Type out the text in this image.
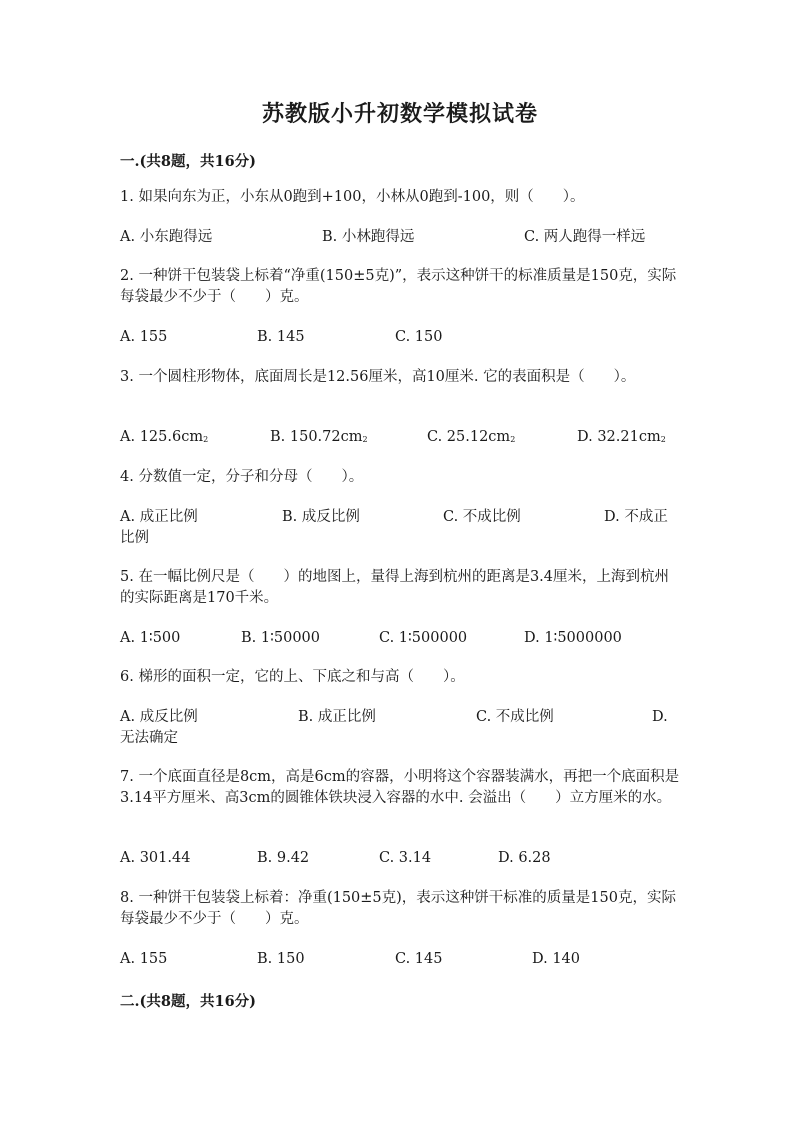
苏教版小升初数学模拟试卷
一.(共8题，共16分)
1. 如果向东为正，小东从0跑到+100，小林从0跑到-100，则（　　）。
A. 小东跑得远	B. 小林跑得远	C. 两人跑得一样远
2. 一种饼干包装袋上标着“净重(150±5克)”，表示这种饼干的标准质量是150克，实际每袋最少不少于（　　）克。
A. 155	B. 145	C. 150
3. 一个圆柱形物体，底面周长是12.56厘米，高10厘米. 它的表面积是（　　）。
A. $125.6cm^2$	B. $150.72cm^2$	C. $25.12cm^2$	D. $32.21cm^2$
4. 分数值一定，分子和分母（　　）。
A. 成正比例	B. 成反比例	C. 不成比例	D. 不成正比例
5. 在一幅比例尺是（　　）的地图上，量得上海到杭州的距离是3.4厘米，上海到杭州的实际距离是170千米。
A. 1∶500	B. 1∶50000	C. 1∶500000	D. 1∶5000000
6. 梯形的面积一定，它的上、下底之和与高（　　）。
A. 成反比例	B. 成正比例	C. 不成比例	D. 无法确定
7. 一个底面直径是8cm，高是6cm的容器，小明将这个容器装满水，再把一个底面积是3.14平方厘米、高3cm的圆锥体铁块浸入容器的水中. 会溢出（　　）立方厘米的水。
A. 301.44	B. 9.42	C. 3.14	D. 6.28
8. 一种饼干包装袋上标着：净重(150±5克)，表示这种饼干标准的质量是150克，实际每袋最少不少于（　　）克。
A. 155	B. 150	C. 145	D. 140
二.(共8题，共16分)
